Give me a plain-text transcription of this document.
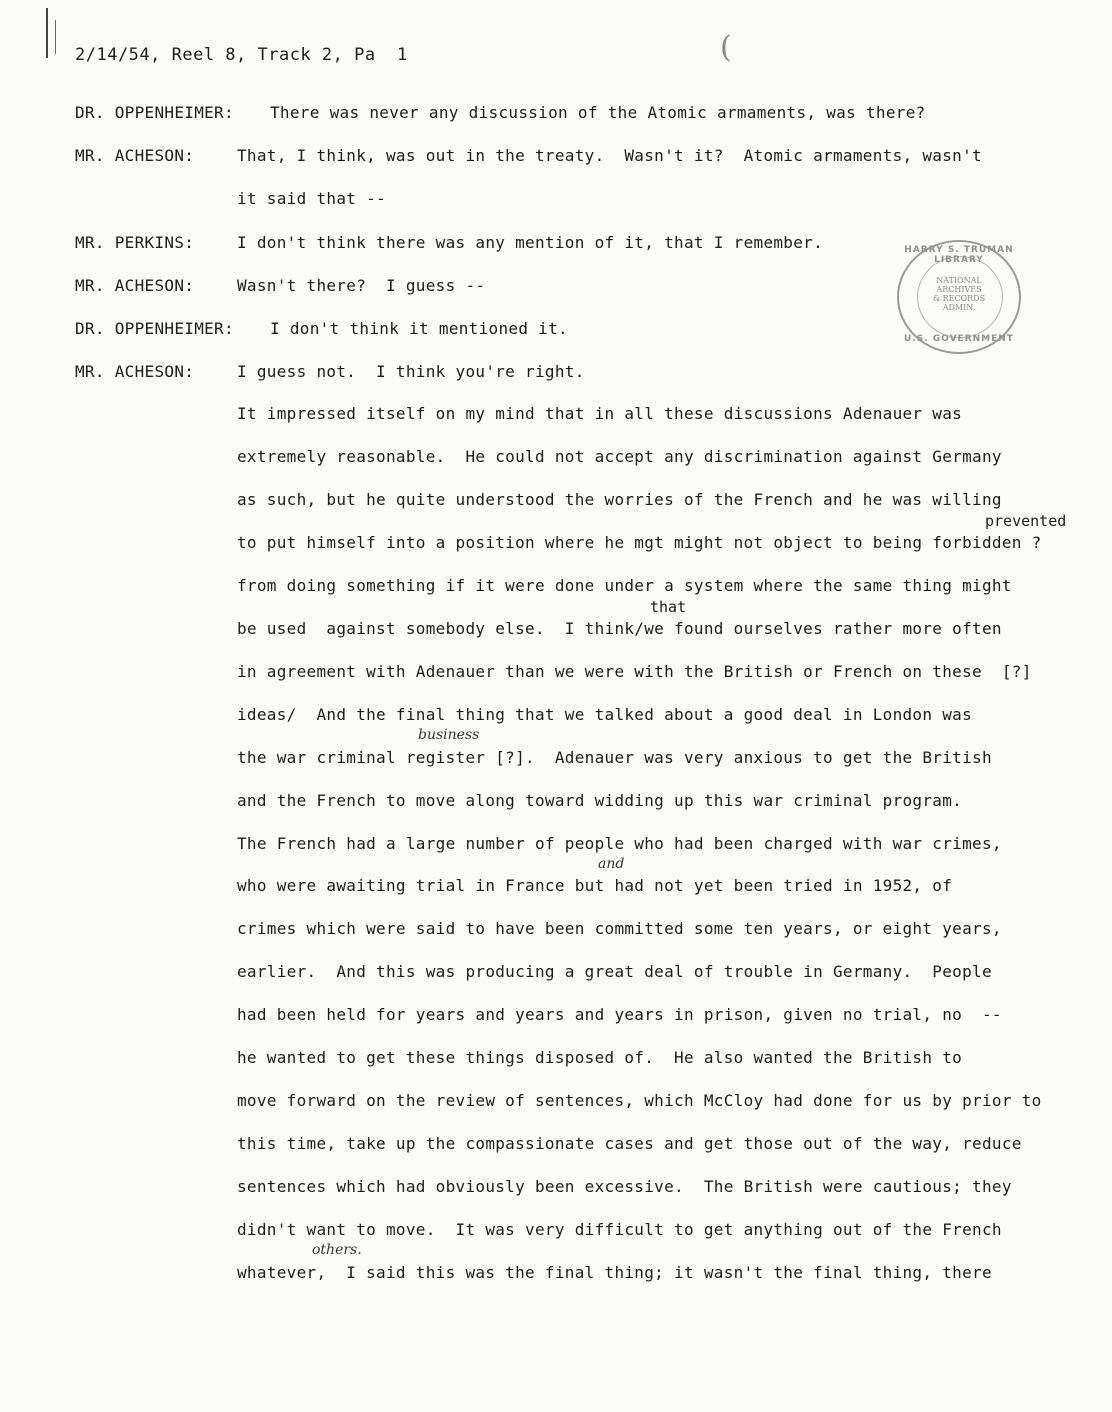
(
2/14/54, Reel 8, Track 2, Pa  1
DR. OPPENHEIMER: There was never any discussion of the Atomic armaments, was there?
MR. ACHESON:	That, I think, was out in the treaty.  Wasn't it?  Atomic armaments, wasn't
it said that --
MR. PERKINS:	I don't think there was any mention of it, that I remember.
MR. ACHESON:	Wasn't there?  I guess --
DR. OPPENHEIMER: I don't think it mentioned it.
MR. ACHESON:	I guess not.  I think you're right.
It impressed itself on my mind that in all these discussions Adenauer was
extremely reasonable.  He could not accept any discrimination against Germany
as such, but he quite understood the worries of the French and he was willing
prevented
to put himself into a position where he mgt might not object to being forbidden ?
from doing something if it were done under a system where the same thing might
that
be used  against somebody else.  I think/we found ourselves rather more often
in agreement with Adenauer than we were with the British or French on these  [?]
ideas/  And the final thing that we talked about a good deal in London was
business
the war criminal register [?].  Adenauer was very anxious to get the British
and the French to move along toward widding up this war criminal program.
The French had a large number of people who had been charged with war crimes,
and
who were awaiting trial in France but had not yet been tried in 1952, of
crimes which were said to have been committed some ten years, or eight years,
earlier.  And this was producing a great deal of trouble in Germany.  People
had been held for years and years and years in prison, given no trial, no  --
he wanted to get these things disposed of.  He also wanted the British to
move forward on the review of sentences, which McCloy had done for us by prior to
this time, take up the compassionate cases and get those out of the way, reduce
sentences which had obviously been excessive.  The British were cautious; they
didn't want to move.  It was very difficult to get anything out of the French
others.
whatever,  I said this was the final thing; it wasn't the final thing, there
HARRY S. TRUMAN LIBRARY
NATIONAL
ARCHIVES
& RECORDS
ADMIN.
U.S. GOVERNMENT
